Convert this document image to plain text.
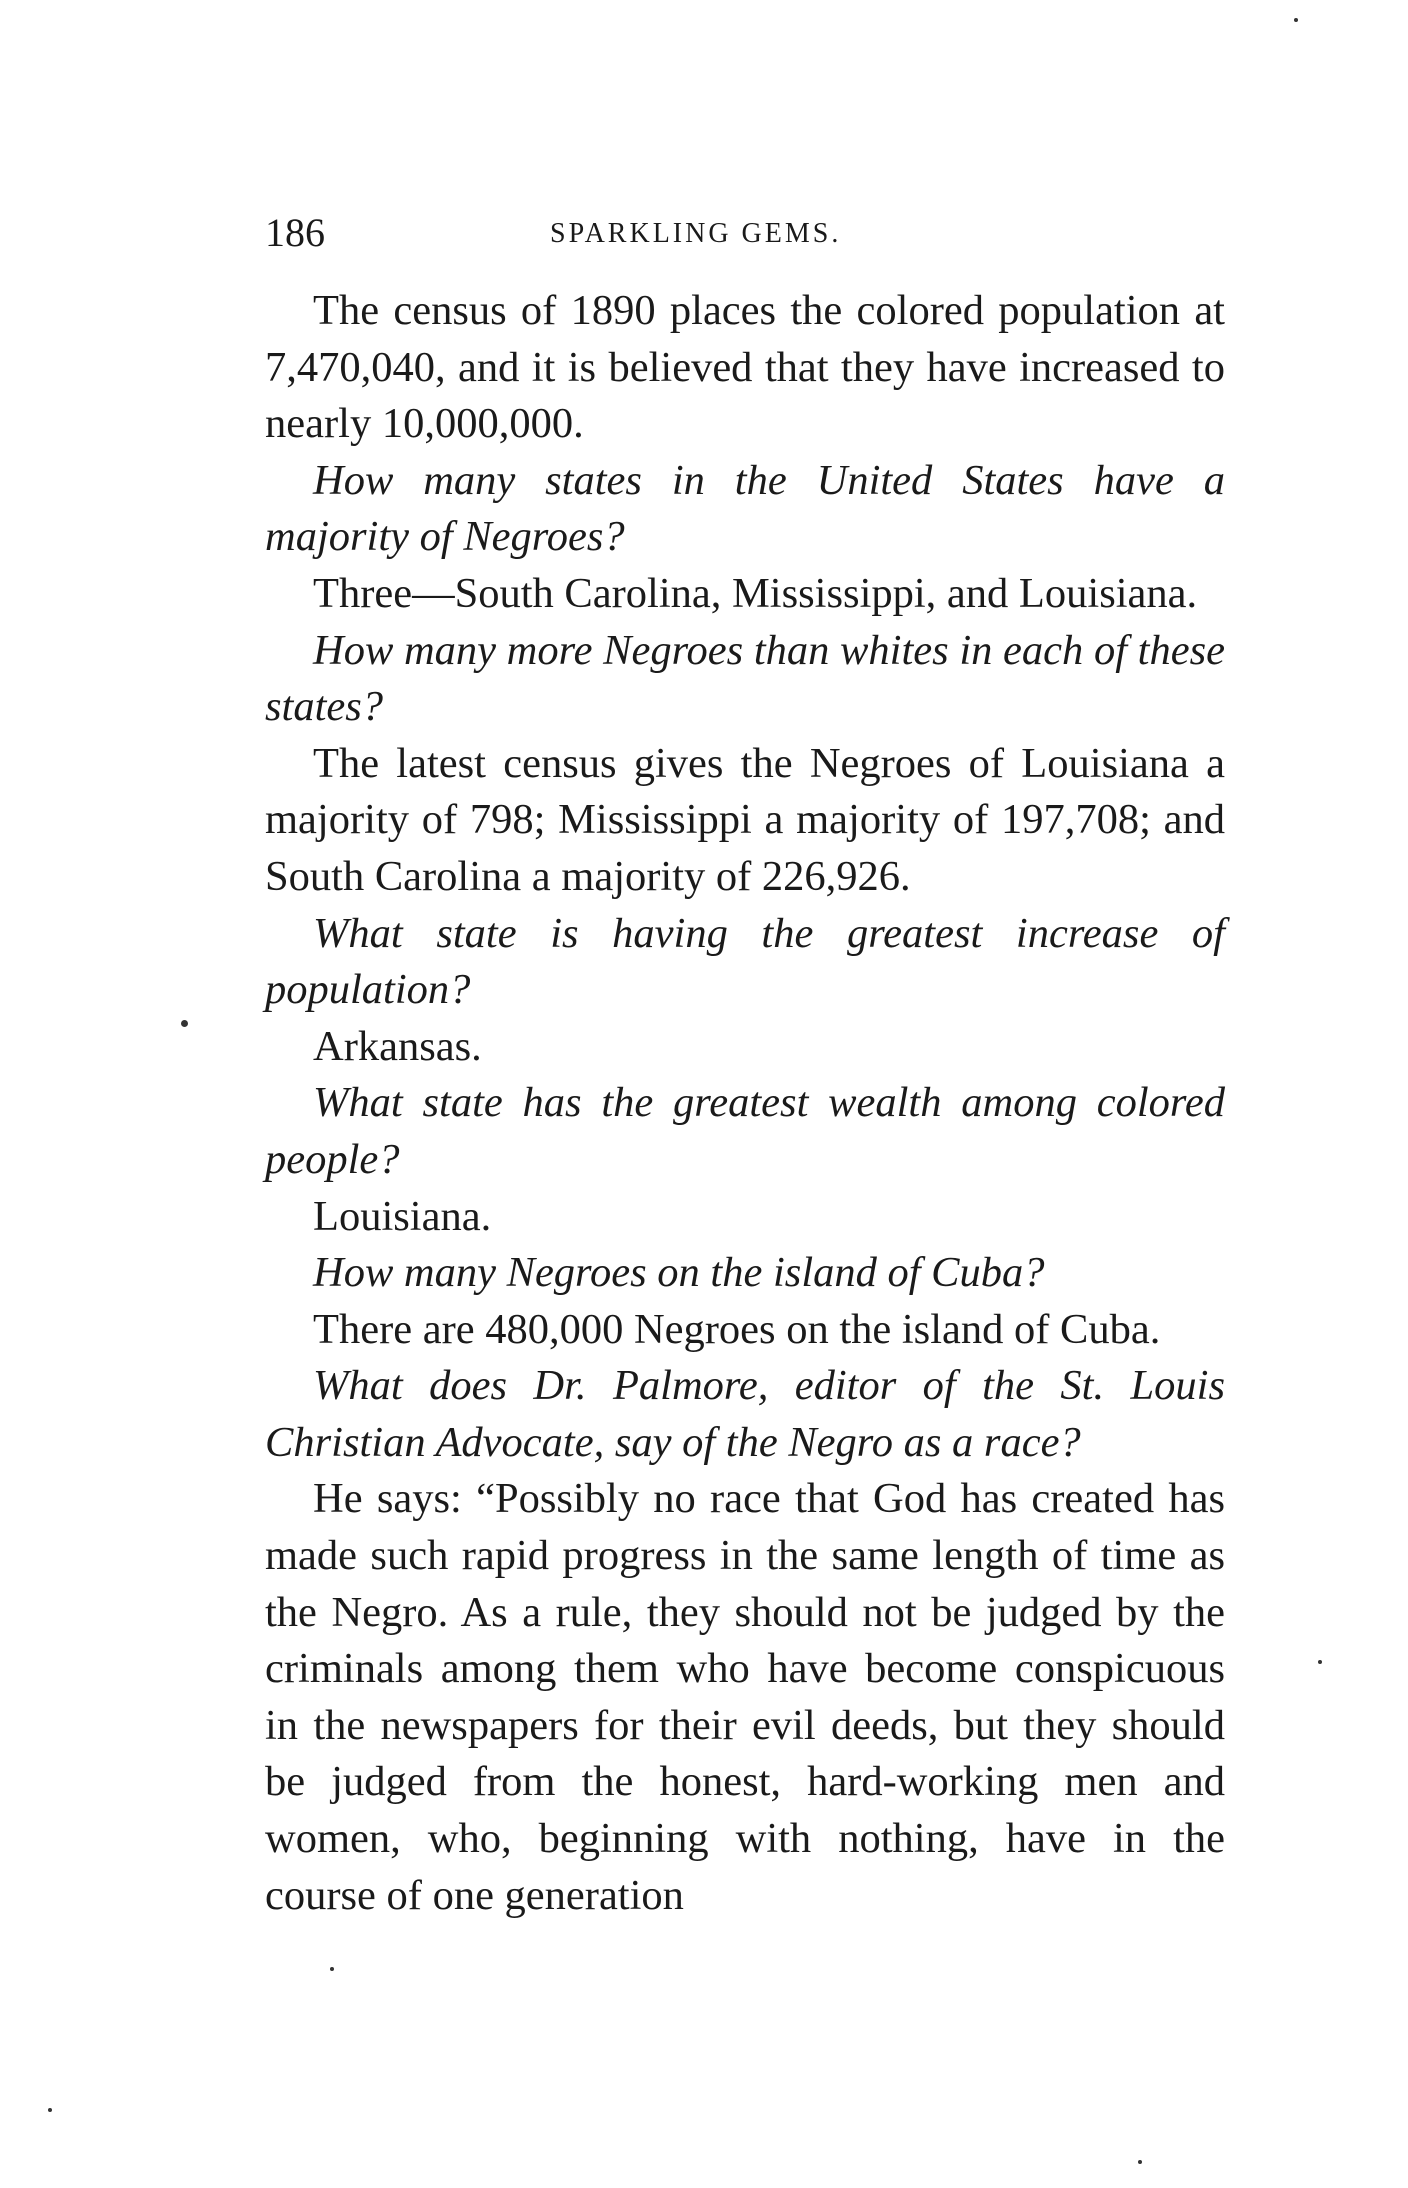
186	SPARKLING GEMS.

The census of 1890 places the colored population at 7,470,040, and it is believed that they have increased to nearly 10,000,000.

How many states in the United States have a majority of Negroes?

Three—South Carolina, Mississippi, and Louisiana.

How many more Negroes than whites in each of these states?

The latest census gives the Negroes of Louisiana a majority of 798; Mississippi a majority of 197,708; and South Carolina a majority of 226,926.

What state is having the greatest increase of population?

Arkansas.

What state has the greatest wealth among colored people?

Louisiana.

How many Negroes on the island of Cuba?

There are 480,000 Negroes on the island of Cuba.

What does Dr. Palmore, editor of the St. Louis Christian Advocate, say of the Negro as a race?

He says: “Possibly no race that God has created has made such rapid progress in the same length of time as the Negro. As a rule, they should not be judged by the criminals among them who have become conspicuous in the newspapers for their evil deeds, but they should be judged from the honest, hard-working men and women, who, beginning with nothing, have in the course of one generation
